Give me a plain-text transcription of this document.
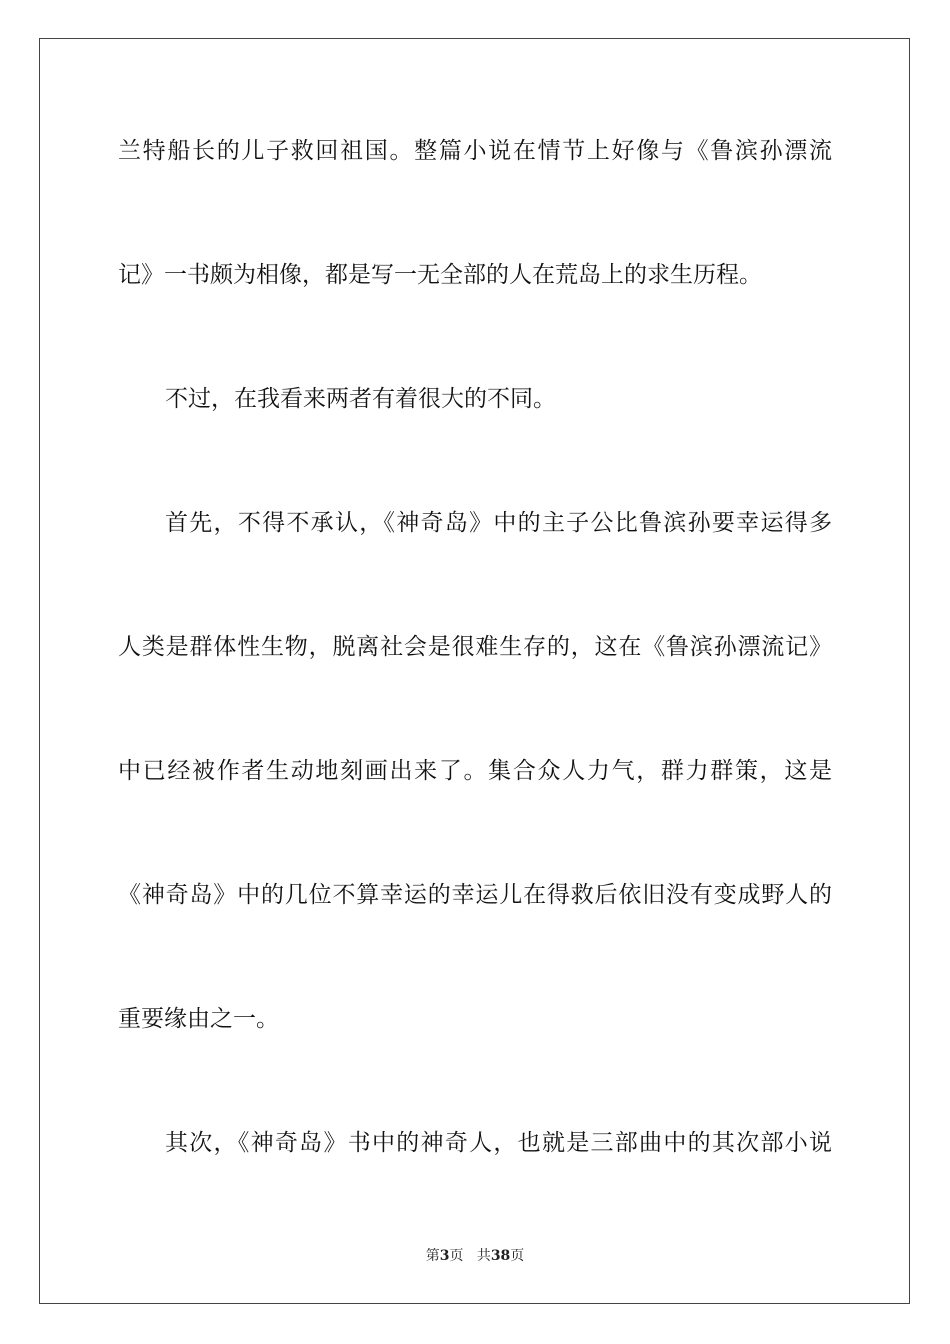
兰特船长的儿子救回祖国。整篇小说在情节上好像与《鲁滨孙漂流
记》一书颇为相像，都是写一无全部的人在荒岛上的求生历程。
不过，在我看来两者有着很大的不同。
首先，不得不承认，《神奇岛》中的主子公比鲁滨孙要幸运得多
人类是群体性生物，脱离社会是很难生存的，这在《鲁滨孙漂流记》
中已经被作者生动地刻画出来了。集合众人力气，群力群策，这是
《神奇岛》中的几位不算幸运的幸运儿在得救后依旧没有变成野人的
重要缘由之一。
其次，《神奇岛》书中的神奇人，也就是三部曲中的其次部小说
第3页 共38页
